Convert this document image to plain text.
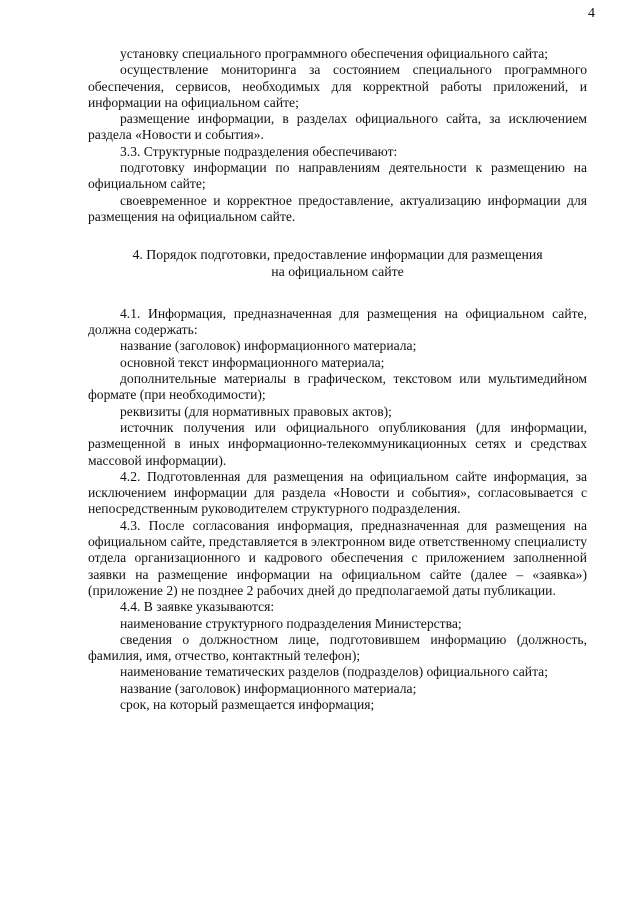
4

установку специального программного обеспечения официального сайта;

осуществление мониторинга за состоянием специального программного обеспечения, сервисов, необходимых для корректной работы приложений, и информации на официальном сайте;

размещение информации, в разделах официального сайта, за исключением раздела «Новости и события».

3.3. Структурные подразделения обеспечивают:

подготовку информации по направлениям деятельности к размещению на официальном сайте;

своевременное и корректное предоставление, актуализацию информации для размещения на официальном сайте.

4. Порядок подготовки, предоставление информации для размещения
на официальном сайте

4.1. Информация, предназначенная для размещения на официальном сайте, должна содержать:

название (заголовок) информационного материала;

основной текст информационного материала;

дополнительные материалы в графическом, текстовом или мультимедийном формате (при необходимости);

реквизиты (для нормативных правовых актов);

источник получения или официального опубликования (для информации, размещенной в иных информационно-телекоммуникационных сетях и средствах массовой информации).

4.2. Подготовленная для размещения на официальном сайте информация, за исключением информации для раздела «Новости и события», согласовывается с непосредственным руководителем структурного подразделения.

4.3. После согласования информация, предназначенная для размещения на официальном сайте, представляется в электронном виде ответственному специалисту отдела организационного и кадрового обеспечения с приложением заполненной заявки на размещение информации на официальном сайте (далее – «заявка») (приложение 2) не позднее 2 рабочих дней до предполагаемой даты публикации.

4.4. В заявке указываются:

наименование структурного подразделения Министерства;

сведения о должностном лице, подготовившем информацию (должность, фамилия, имя, отчество, контактный телефон);

наименование тематических разделов (подразделов) официального сайта;

название (заголовок) информационного материала;

срок, на который размещается информация;
